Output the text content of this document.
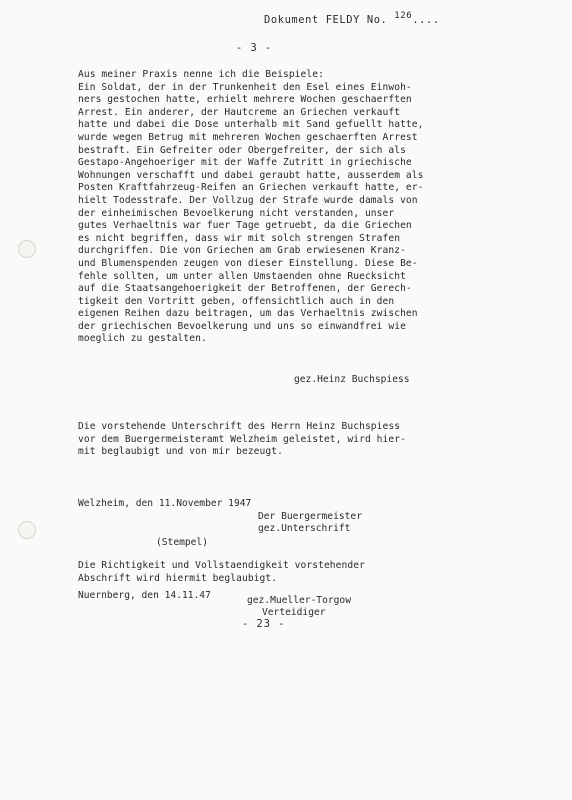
Dokument FELDY No. 126....
- 3 -
Aus meiner Praxis nenne ich die Beispiele:
Ein Soldat, der in der Trunkenheit den Esel eines Einwoh-
ners gestochen hatte, erhielt mehrere Wochen geschaerften
Arrest. Ein anderer, der Hautcreme an Griechen verkauft
hatte und dabei die Dose unterhalb mit Sand gefuellt hatte,
wurde wegen Betrug mit mehreren Wochen geschaerften Arrest
bestraft. Ein Gefreiter oder Obergefreiter, der sich als
Gestapo-Angehoeriger mit der Waffe Zutritt in griechische
Wohnungen verschafft und dabei geraubt hatte, ausserdem als
Posten Kraftfahrzeug-Reifen an Griechen verkauft hatte, er-
hielt Todesstrafe. Der Vollzug der Strafe wurde damals von
der einheimischen Bevoelkerung nicht verstanden, unser
gutes Verhaeltnis war fuer Tage getruebt, da die Griechen
es nicht begriffen, dass wir mit solch strengen Strafen
durchgriffen. Die von Griechen am Grab erwiesenen Kranz-
und Blumenspenden zeugen von dieser Einstellung. Diese Be-
fehle sollten, um unter allen Umstaenden ohne Ruecksicht
auf die Staatsangehoerigkeit der Betroffenen, der Gerech-
tigkeit den Vortritt geben, offensichtlich auch in den
eigenen Reihen dazu beitragen, um das Verhaeltnis zwischen
der griechischen Bevoelkerung und uns so einwandfrei wie
moeglich zu gestalten.
gez.Heinz Buchspiess
Die vorstehende Unterschrift des Herrn Heinz Buchspiess
vor dem Buergermeisteramt Welzheim geleistet, wird hier-
mit beglaubigt und von mir bezeugt.
Welzheim, den 11.November 1947
Der Buergermeister
gez.Unterschrift
(Stempel)
Die Richtigkeit und Vollstaendigkeit vorstehender
Abschrift wird hiermit beglaubigt.
Nuernberg, den 14.11.47	gez.Mueller-Torgow
Verteidiger
- 23 -
